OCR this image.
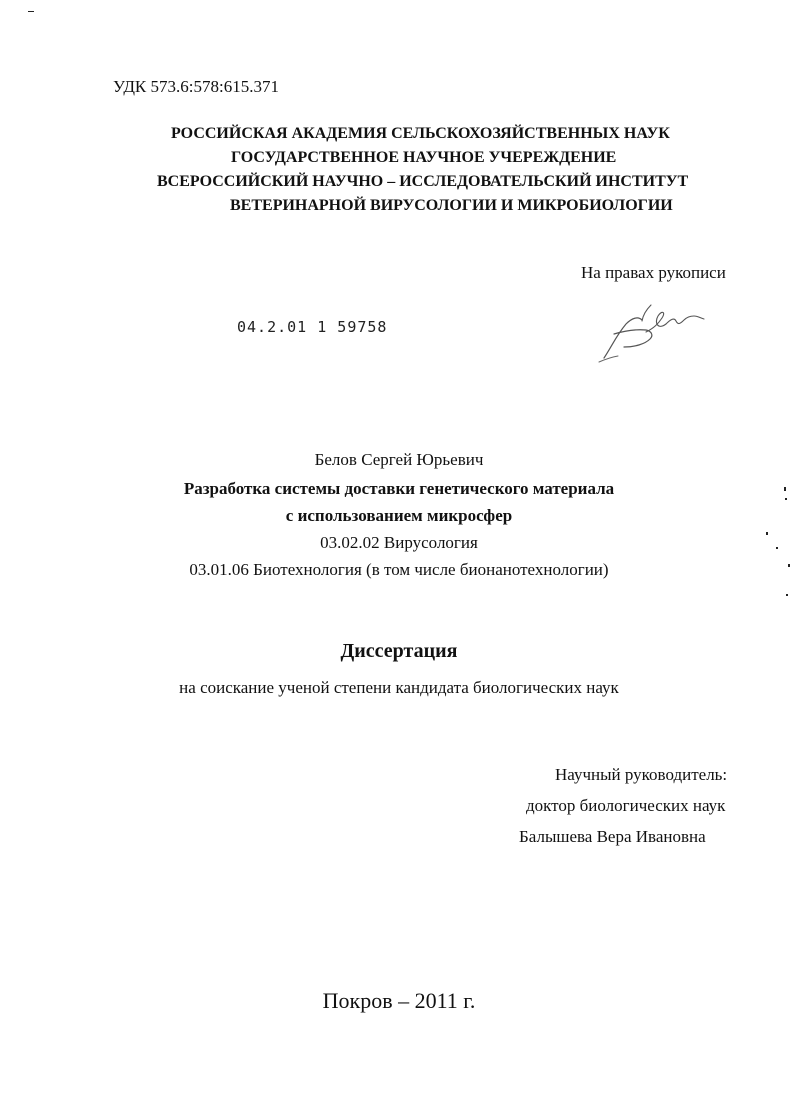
УДК 573.6:578:615.371
РОССИЙСКАЯ АКАДЕМИЯ СЕЛЬСКОХОЗЯЙСТВЕННЫХ НАУК
ГОСУДАРСТВЕННОЕ НАУЧНОЕ УЧЕРЕЖДЕНИЕ
ВСЕРОССИЙСКИЙ НАУЧНО – ИССЛЕДОВАТЕЛЬСКИЙ ИНСТИТУТ
ВЕТЕРИНАРНОЙ ВИРУСОЛОГИИ И МИКРОБИОЛОГИИ
На правах рукописи
04.2.01 1 59758
Белов Сергей Юрьевич
Разработка системы доставки генетического материала
с использованием микросфер
03.02.02 Вирусология
03.01.06 Биотехнология (в том числе бионанотехнологии)
Диссертация
на соискание ученой степени кандидата биологических наук
Научный руководитель:
доктор биологических наук
Балышева Вера Ивановна
Покров – 2011 г.
